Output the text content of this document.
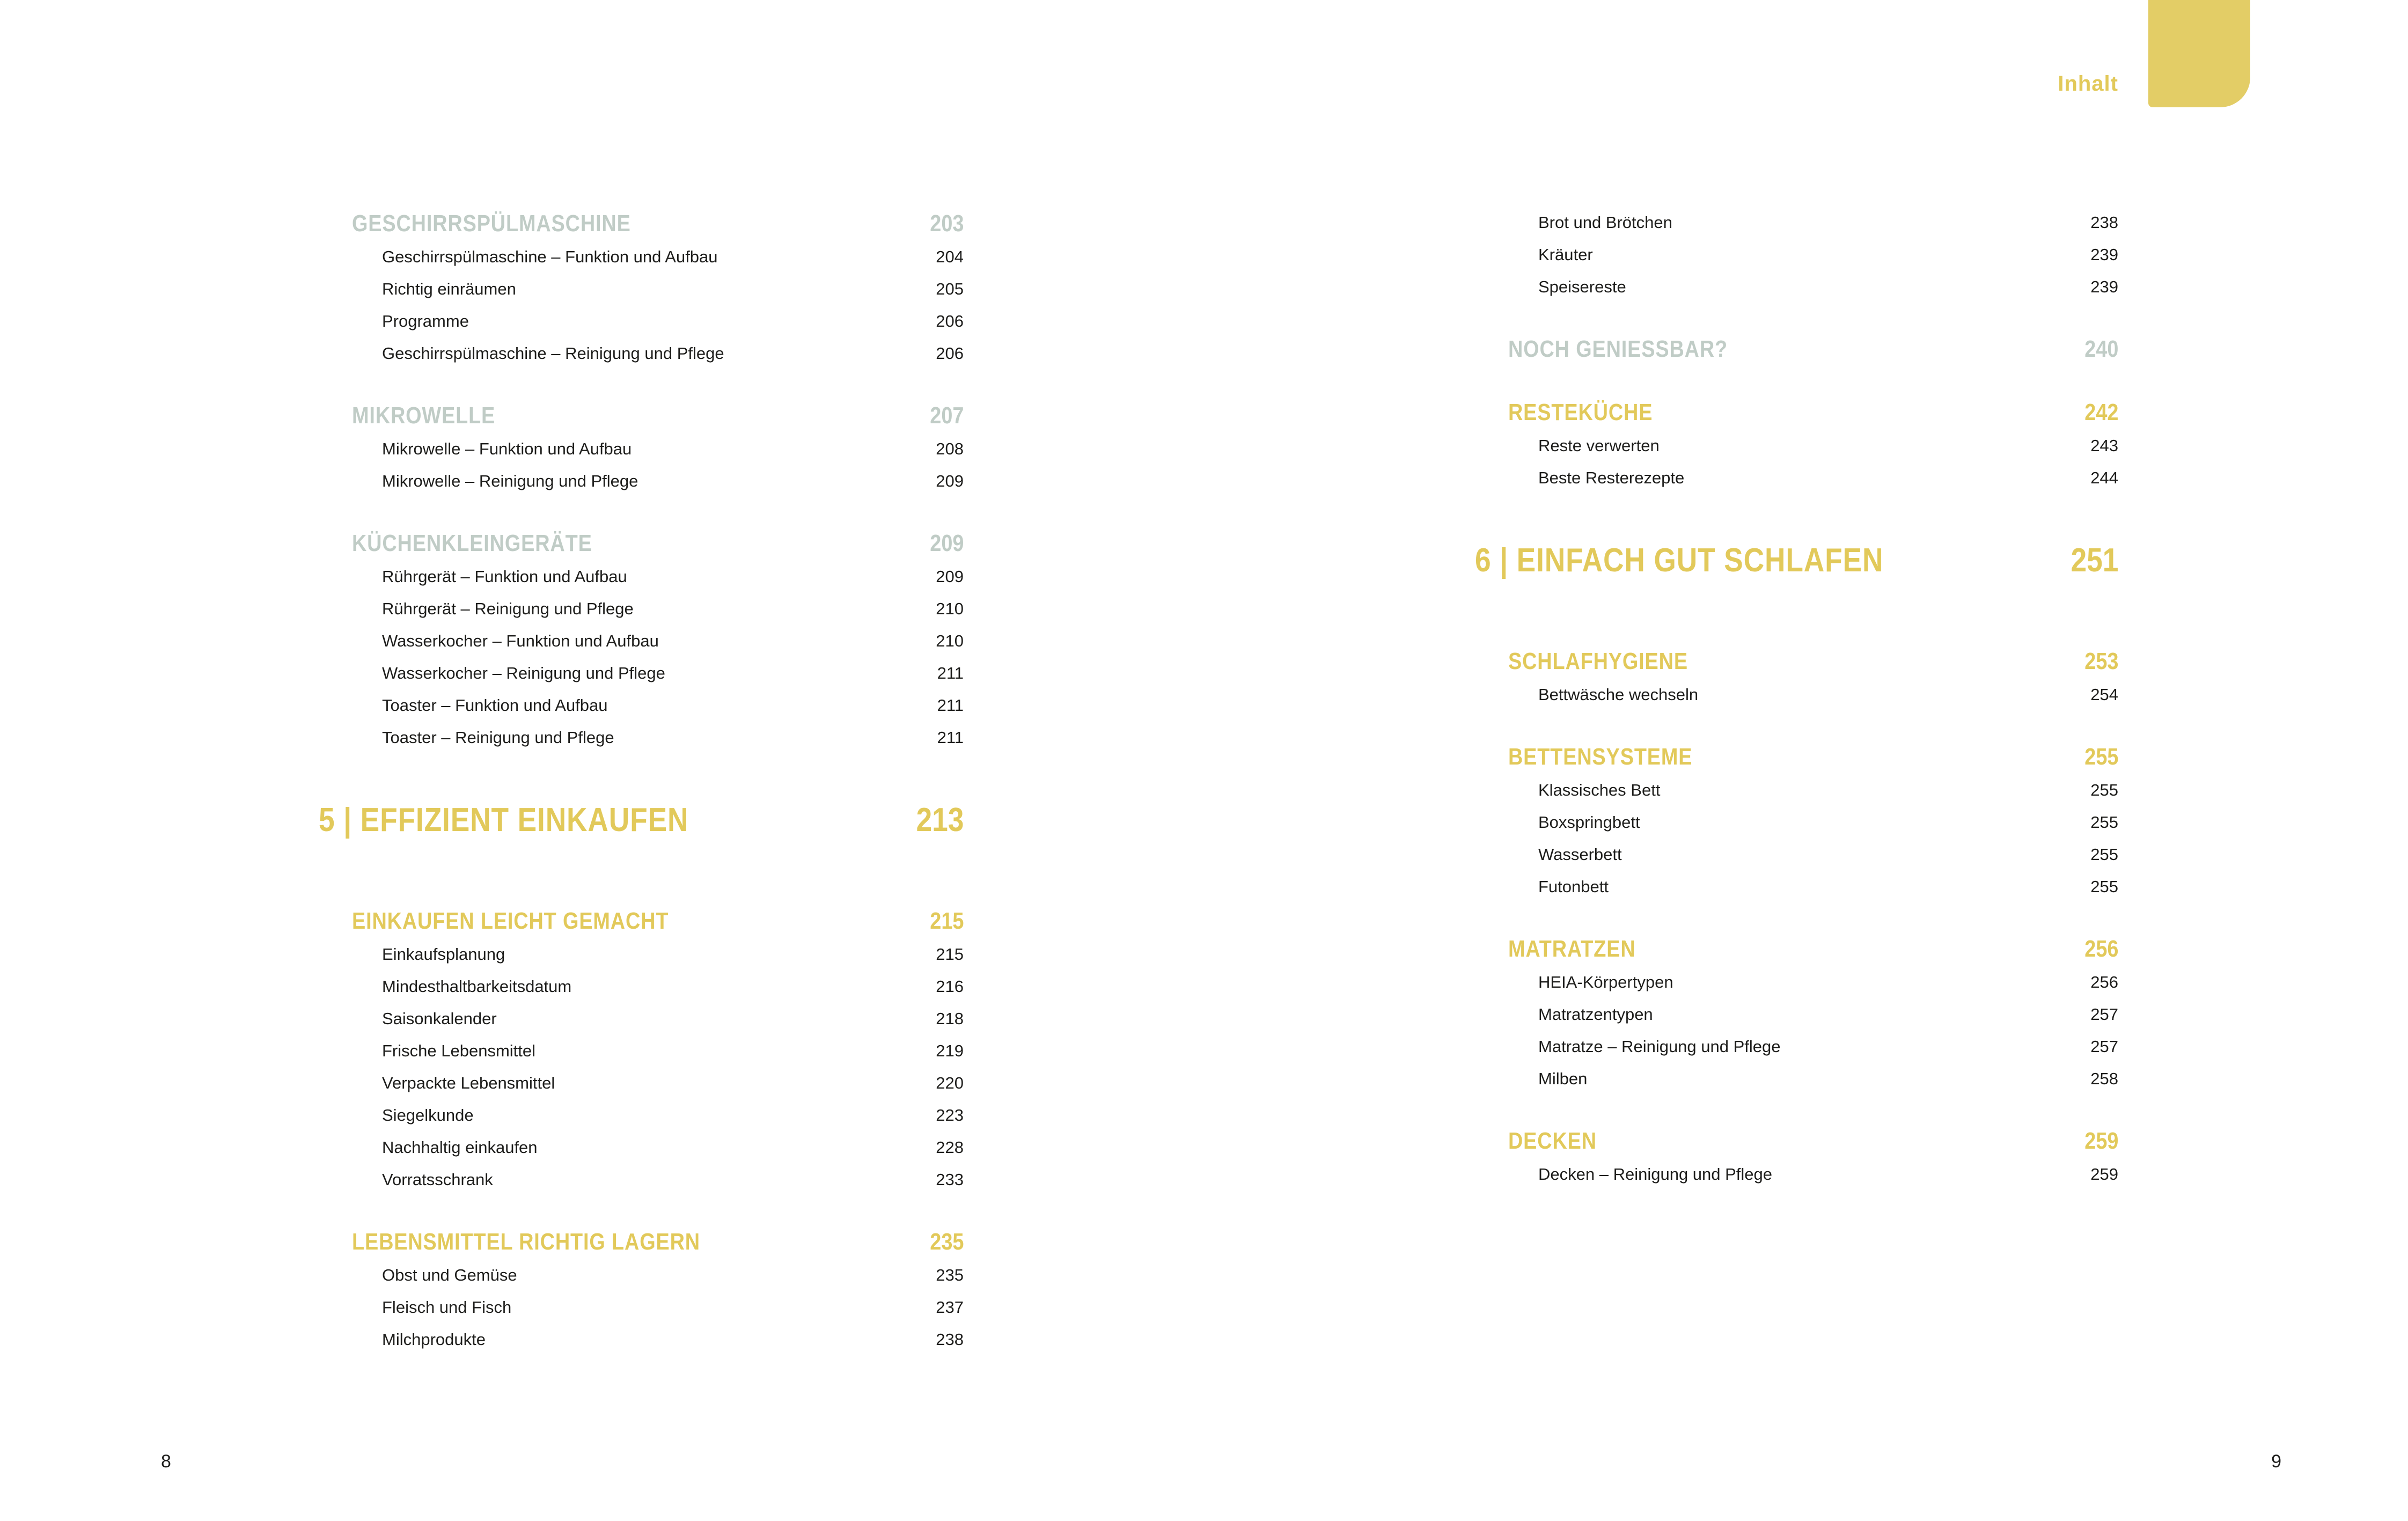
Inhalt
GESCHIRRSPÜLMASCHINE	203
Geschirrspülmaschine – Funktion und Aufbau	204
Richtig einräumen	205
Programme	206
Geschirrspülmaschine – Reinigung und Pflege	206
MIKROWELLE	207
Mikrowelle – Funktion und Aufbau	208
Mikrowelle – Reinigung und Pflege	209
KÜCHENKLEINGERÄTE	209
Rührgerät – Funktion und Aufbau	209
Rührgerät – Reinigung und Pflege	210
Wasserkocher – Funktion und Aufbau	210
Wasserkocher – Reinigung und Pflege	211
Toaster – Funktion und Aufbau	211
Toaster – Reinigung und Pflege	211
5 | EFFIZIENT EINKAUFEN	213
EINKAUFEN LEICHT GEMACHT	215
Einkaufsplanung	215
Mindesthaltbarkeitsdatum	216
Saisonkalender	218
Frische Lebensmittel	219
Verpackte Lebensmittel	220
Siegelkunde	223
Nachhaltig einkaufen	228
Vorratsschrank	233
LEBENSMITTEL RICHTIG LAGERN	235
Obst und Gemüse	235
Fleisch und Fisch	237
Milchprodukte	238
Brot und Brötchen	238
Kräuter	239
Speisereste	239
NOCH GENIESSBAR?	240
RESTEKÜCHE	242
Reste verwerten	243
Beste Resterezepte	244
6 | EINFACH GUT SCHLAFEN	251
SCHLAFHYGIENE	253
Bettwäsche wechseln	254
BETTENSYSTEME	255
Klassisches Bett	255
Boxspringbett	255
Wasserbett	255
Futonbett	255
MATRATZEN	256
HEIA-Körpertypen	256
Matratzentypen	257
Matratze – Reinigung und Pflege	257
Milben	258
DECKEN	259
Decken – Reinigung und Pflege	259
8	9
